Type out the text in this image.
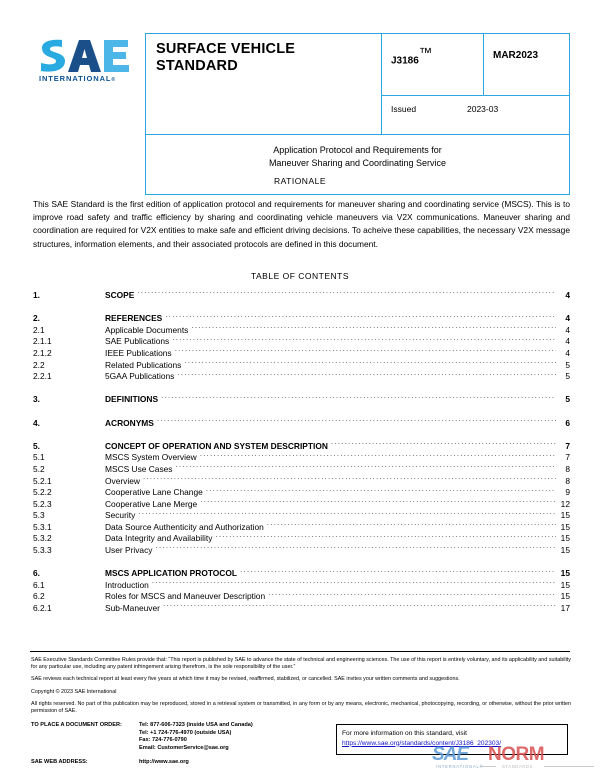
INTERNATIONAL®
SURFACE VEHICLE
STANDARD	J3186™	MAR2023

Issued	2023-03

Application Protocol and Requirements for
Maneuver Sharing and Coordinating Service
RATIONALE
This SAE Standard is the first edition of application protocol and requirements for maneuver sharing and coordinating service (MSCS). This is to improve road safety and traffic efficiency by sharing and coordinating vehicle maneuvers via V2X communications. Maneuver sharing and coordination are required for V2X entities to make safe and efficient driving decisions. To acheive these capabilities, the necessary V2X message structures, information elements, and their associated protocols are defined in this document.
TABLE OF CONTENTS
1.	SCOPE .....	4
2.	REFERENCES .....	4
2.1	Applicable Documents .....	4
2.1.1	SAE Publications .....	4
2.1.2	IEEE Publications .....	4
2.2	Related Publications .....	5
2.2.1	5GAA Publications .....	5
3.	DEFINITIONS .....	5
4.	ACRONYMS .....	6
5.	CONCEPT OF OPERATION AND SYSTEM DESCRIPTION .....	7
5.1	MSCS System Overview .....	7
5.2	MSCS Use Cases .....	8
5.2.1	Overview .....	8
5.2.2	Cooperative Lane Change .....	9
5.2.3	Cooperative Lane Merge .....	12
5.3	Security .....	15
5.3.1	Data Source Authenticity and Authorization .....	15
5.3.2	Data Integrity and Availability .....	15
5.3.3	User Privacy .....	15
6.	MSCS APPLICATION PROTOCOL .....	15
6.1	Introduction .....	15
6.2	Roles for MSCS and Maneuver Description .....	15
6.2.1	Sub-Maneuver .....	17

SAE Executive Standards Committee Rules provide that: “This report is published by SAE to advance the state of technical and engineering sciences. The use of this report is entirely voluntary, and its applicability and suitability for any particular use, including any patent infringement arising therefrom, is the sole responsibility of the user.”

SAE reviews each technical report at least every five years at which time it may be revised, reaffirmed, stabilized, or cancelled. SAE invites your written comments and suggestions.

Copyright © 2023 SAE International

All rights reserved. No part of this publication may be reproduced, stored in a retrieval system or transmitted, in any form or by any means, electronic, mechanical, photocopying, recording, or otherwise, without the prior written permission of SAE.

TO PLACE A DOCUMENT ORDER:	Tel: 877-606-7323 (inside USA and Canada)
Tel: +1 724-776-4970 (outside USA)
Fax: 724-776-0790
Email: CustomerService@sae.org
SAE WEB ADDRESS:	http://www.sae.org
For more information on this standard, visit
https://www.sae.org/standards/content/J3186_202303/
SAE NORM
INTERNATIONAL®	STANDARDS
